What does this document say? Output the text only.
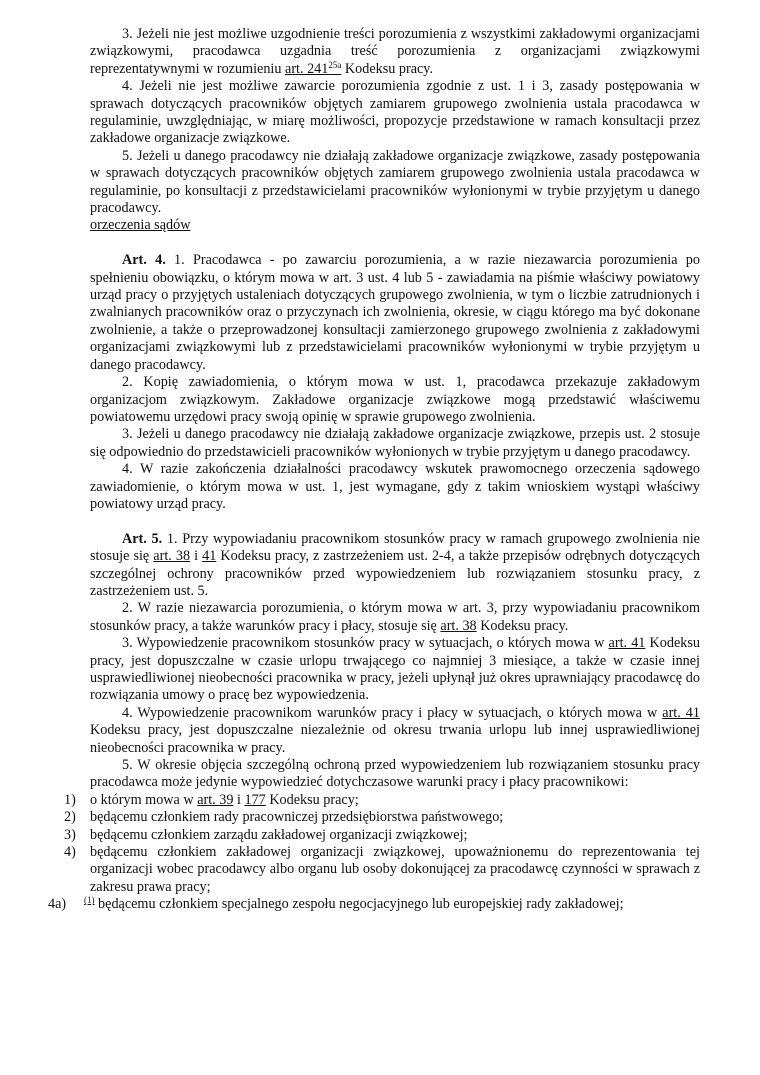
3. Jeżeli nie jest możliwe uzgodnienie treści porozumienia z wszystkimi zakładowymi organizacjami związkowymi, pracodawca uzgadnia treść porozumienia z organizacjami związkowymi reprezentatywnymi w rozumieniu art. $241^{25a}$ Kodeksu pracy.

4. Jeżeli nie jest możliwe zawarcie porozumienia zgodnie z ust. 1 i 3, zasady postępowania w sprawach dotyczących pracowników objętych zamiarem grupowego zwolnienia ustala pracodawca w regulaminie, uwzględniając, w miarę możliwości, propozycje przedstawione w ramach konsultacji przez zakładowe organizacje związkowe.

5. Jeżeli u danego pracodawcy nie działają zakładowe organizacje związkowe, zasady postępowania w sprawach dotyczących pracowników objętych zamiarem grupowego zwolnienia ustala pracodawca w regulaminie, po konsultacji z przedstawicielami pracowników wyłonionymi w trybie przyjętym u danego pracodawcy.

orzeczenia sądów

Art. 4. 1. Pracodawca - po zawarciu porozumienia, a w razie niezawarcia porozumienia po spełnieniu obowiązku, o którym mowa w art. 3 ust. 4 lub 5 - zawiadamia na piśmie właściwy powiatowy urząd pracy o przyjętych ustaleniach dotyczących grupowego zwolnienia, w tym o liczbie zatrudnionych i zwalnianych pracowników oraz o przyczynach ich zwolnienia, okresie, w ciągu którego ma być dokonane zwolnienie, a także o przeprowadzonej konsultacji zamierzonego grupowego zwolnienia z zakładowymi organizacjami związkowymi lub z przedstawicielami pracowników wyłonionymi w trybie przyjętym u danego pracodawcy.

2. Kopię zawiadomienia, o którym mowa w ust. 1, pracodawca przekazuje zakładowym organizacjom związkowym. Zakładowe organizacje związkowe mogą przedstawić właściwemu powiatowemu urzędowi pracy swoją opinię w sprawie grupowego zwolnienia.

3. Jeżeli u danego pracodawcy nie działają zakładowe organizacje związkowe, przepis ust. 2 stosuje się odpowiednio do przedstawicieli pracowników wyłonionych w trybie przyjętym u danego pracodawcy.

4. W razie zakończenia działalności pracodawcy wskutek prawomocnego orzeczenia sądowego zawiadomienie, o którym mowa w ust. 1, jest wymagane, gdy z takim wnioskiem wystąpi właściwy powiatowy urząd pracy.

Art. 5. 1. Przy wypowiadaniu pracownikom stosunków pracy w ramach grupowego zwolnienia nie stosuje się art. 38 i 41 Kodeksu pracy, z zastrzeżeniem ust. 2-4, a także przepisów odrębnych dotyczących szczególnej ochrony pracowników przed wypowiedzeniem lub rozwiązaniem stosunku pracy, z zastrzeżeniem ust. 5.

2. W razie niezawarcia porozumienia, o którym mowa w art. 3, przy wypowiadaniu pracownikom stosunków pracy, a także warunków pracy i płacy, stosuje się art. 38 Kodeksu pracy.

3. Wypowiedzenie pracownikom stosunków pracy w sytuacjach, o których mowa w art. 41 Kodeksu pracy, jest dopuszczalne w czasie urlopu trwającego co najmniej 3 miesiące, a także w czasie innej usprawiedliwionej nieobecności pracownika w pracy, jeżeli upłynął już okres uprawniający pracodawcę do rozwiązania umowy o pracę bez wypowiedzenia.

4. Wypowiedzenie pracownikom warunków pracy i płacy w sytuacjach, o których mowa w art. 41 Kodeksu pracy, jest dopuszczalne niezależnie od okresu trwania urlopu lub innej usprawiedliwionej nieobecności pracownika w pracy.

5. W okresie objęcia szczególną ochroną przed wypowiedzeniem lub rozwiązaniem stosunku pracy pracodawca może jedynie wypowiedzieć dotychczasowe warunki pracy i płacy pracownikowi:

1) o którym mowa w art. 39 i 177 Kodeksu pracy;
2) będącemu członkiem rady pracowniczej przedsiębiorstwa państwowego;
3) będącemu członkiem zarządu zakładowej organizacji związkowej;
4) będącemu członkiem zakładowej organizacji związkowej, upoważnionemu do reprezentowania tej organizacji wobec pracodawcy albo organu lub osoby dokonującej za pracodawcę czynności w sprawach z zakresu prawa pracy;
4a)	$^{(1)}$ będącemu członkiem specjalnego zespołu negocjacyjnego lub europejskiej rady zakładowej;
